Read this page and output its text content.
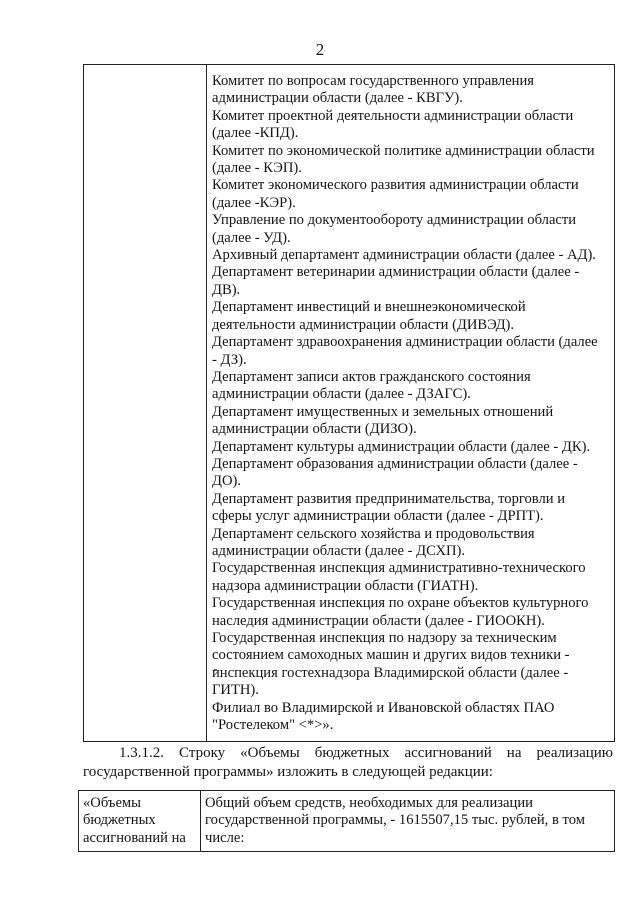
2
Комитет по вопросам государственного управления
администрации области (далее - КВГУ).
Комитет проектной деятельности администрации области
(далее -КПД).
Комитет по экономической политике администрации области
(далее - КЭП).
Комитет экономического развития администрации области
(далее -КЭР).
Управление по документообороту администрации области
(далее - УД).
Архивный департамент администрации области (далее - АД).
Департамент ветеринарии администрации области (далее -
ДВ).
Департамент инвестиций и внешнеэкономической
деятельности администрации области (ДИВЭД).
Департамент здравоохранения администрации области (далее
- ДЗ).
Департамент записи актов гражданского состояния
администрации области (далее - ДЗАГС).
Департамент имущественных и земельных отношений
администрации области (ДИЗО).
Департамент культуры администрации области (далее - ДК).
Департамент образования администрации области (далее -
ДО).
Департамент развития предпринимательства, торговли и
сферы услуг администрации области (далее - ДРПТ).
Департамент сельского хозяйства и продовольствия
администрации области (далее - ДСХП).
Государственная инспекция административно-технического
надзора администрации области (ГИАТН).
Государственная инспекция по охране объектов культурного
наследия администрации области (далее - ГИООКН).
Государственная инспекция по надзору за техническим
состоянием самоходных машин и других видов техники -
инспекция гостехнадзора Владимирской области (далее -
ГИТН).
Филиал во Владимирской и Ивановской областях ПАО
"Ростелеком" <*>».
1.3.1.2. Строку «Объемы бюджетных ассигнований на реализацию
государственной программы» изложить в следующей редакции:
«Объемы
бюджетных
ассигнований на
Общий объем средств, необходимых для реализации государственной программы, - 1615507,15 тыс. рублей, в том числе:
